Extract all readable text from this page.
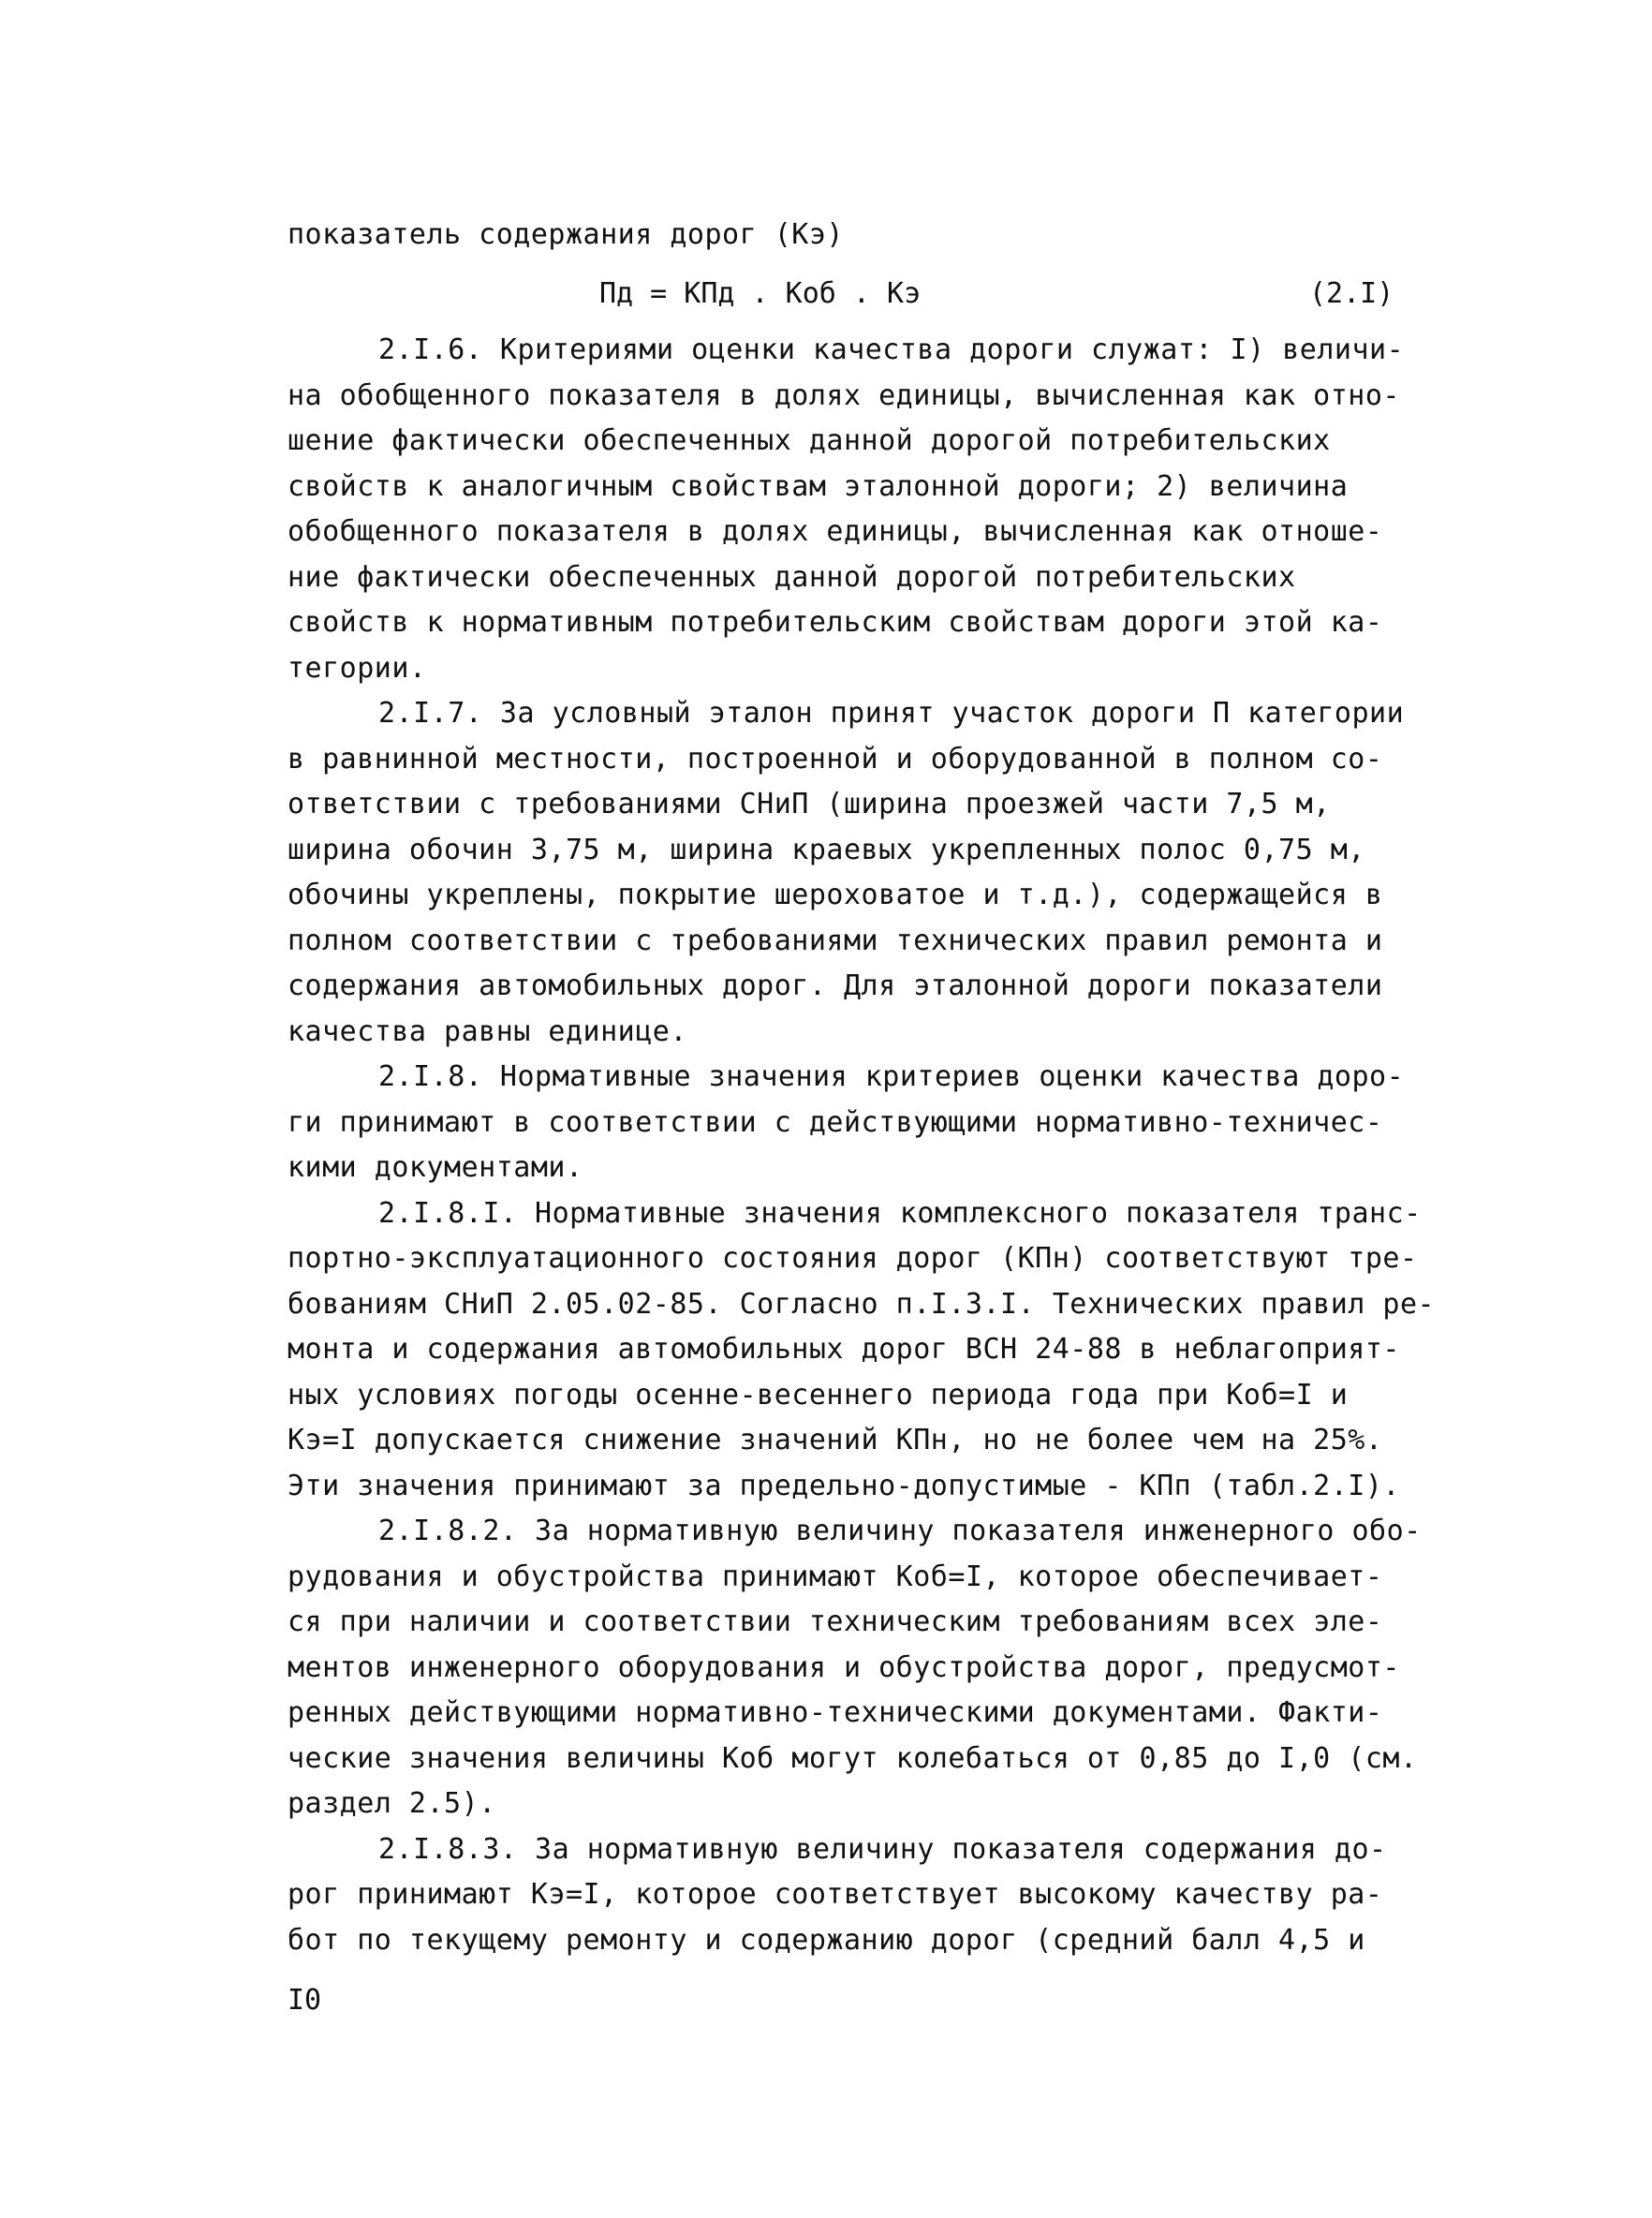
показатель содержания дорог (Кэ)
Пд = КПд . Коб . Кэ	(2.I)
2.I.6. Критериями оценки качества дороги служат: I) величи-
на обобщенного показателя в долях единицы, вычисленная как отно-
шение фактически обеспеченных данной дорогой потребительских
свойств к аналогичным свойствам эталонной дороги; 2) величина
обобщенного показателя в долях единицы, вычисленная как отноше-
ние фактически обеспеченных данной дорогой потребительских
свойств к нормативным потребительским свойствам дороги этой ка-
тегории.
2.I.7. За условный эталон принят участок дороги П категории
в равнинной местности, построенной и оборудованной в полном со-
ответствии с требованиями СНиП (ширина проезжей части 7,5 м,
ширина обочин 3,75 м, ширина краевых укрепленных полос 0,75 м,
обочины укреплены, покрытие шероховатое и т.д.), содержащейся в
полном соответствии с требованиями технических правил ремонта и
содержания автомобильных дорог. Для эталонной дороги показатели
качества равны единице.
2.I.8. Нормативные значения критериев оценки качества доро-
ги принимают в соответствии с действующими нормативно-техничес-
кими документами.
2.I.8.I. Нормативные значения комплексного показателя транс-
портно-эксплуатационного состояния дорог (КПн) соответствуют тре-
бованиям СНиП 2.05.02-85. Согласно п.I.3.I. Технических правил ре-
монта и содержания автомобильных дорог ВСН 24-88 в неблагоприят-
ных условиях погоды осенне-весеннего периода года при Коб=I и
Кэ=I допускается снижение значений КПн, но не более чем на 25%.
Эти значения принимают за предельно-допустимые - КПп (табл.2.I).
2.I.8.2. За нормативную величину показателя инженерного обо-
рудования и обустройства принимают Коб=I, которое обеспечивает-
ся при наличии и соответствии техническим требованиям всех эле-
ментов инженерного оборудования и обустройства дорог, предусмот-
ренных действующими нормативно-техническими документами. Факти-
ческие значения величины Коб могут колебаться от 0,85 до I,0 (см.
раздел 2.5).
2.I.8.3. За нормативную величину показателя содержания до-
рог принимают Кэ=I, которое соответствует высокому качеству ра-
бот по текущему ремонту и содержанию дорог (средний балл 4,5 и
I0
